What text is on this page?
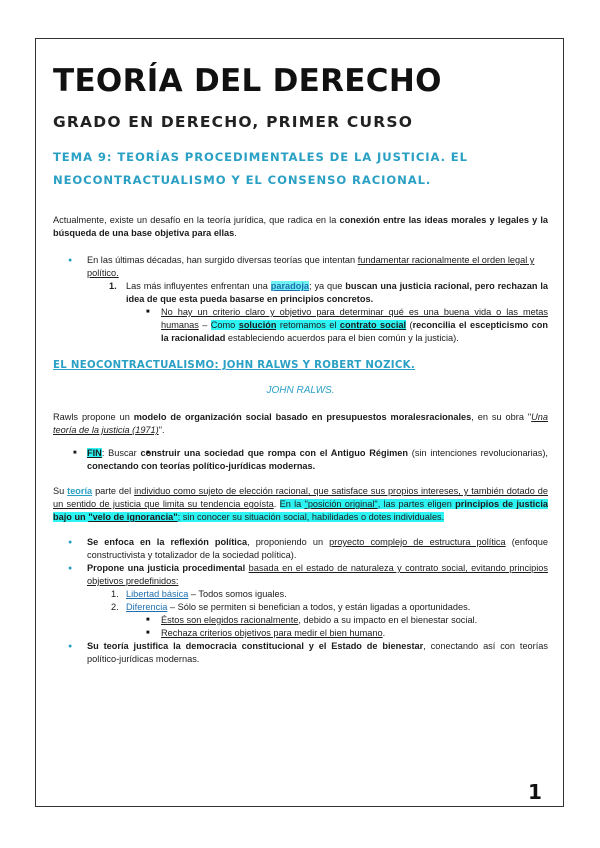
TEORÍA DEL DERECHO
GRADO EN DERECHO, PRIMER CURSO
TEMA 9: TEORÍAS PROCEDIMENTALES DE LA JUSTICIA. EL NEOCONTRACTUALISMO Y EL CONSENSO RACIONAL.

Actualmente, existe un desafío en la teoría jurídica, que radica en la conexión entre las ideas morales y legales y la búsqueda de una base objetiva para ellas.

● En las últimas décadas, han surgido diversas teorías que intentan fundamentar racionalmente el orden legal y político.
1. Las más influyentes enfrentan una paradoja; ya que buscan una justicia racional, pero rechazan la idea de que esta pueda basarse en principios concretos.
■ No hay un criterio claro y objetivo para determinar qué es una buena vida o las metas humanas – Como solución retomamos el contrato social (reconcilia el escepticismo con la racionalidad estableciendo acuerdos para el bien común y la justicia).

EL NEOCONTRACTUALISMO: JOHN RALWS Y ROBERT NOZICK.

JOHN RALWS.

Rawls propone un modelo de organización social basado en presupuestos moralesracionales, en su obra "Una teoría de la justicia (1971)".

■ ■ FIN: Buscar construir una sociedad que rompa con el Antiguo Régimen (sin intenciones revolucionarias), conectando con teorías político-jurídicas modernas.

Su teoría parte del individuo como sujeto de elección racional, que satisface sus propios intereses, y también dotado de un sentido de justicia que limita su tendencia egoísta. En la "posición original", las partes eligen principios de justicia bajo un "velo de ignorancia"; sin conocer su situación social, habilidades o dotes individuales.

● Se enfoca en la reflexión política, proponiendo un proyecto complejo de estructura política (enfoque constructivista y totalizador de la sociedad política).
● Propone una justicia procedimental basada en el estado de naturaleza y contrato social, evitando principios objetivos predefinidos:
1. Libertad básica – Todos somos iguales.
2. Diferencia – Sólo se permiten si benefician a todos, y están ligadas a oportunidades.
■ Éstos son elegidos racionalmente, debido a su impacto en el bienestar social.
■ Rechaza criterios objetivos para medir el bien humano.
● Su teoría justifica la democracia constitucional y el Estado de bienestar, conectando así con teorías político-jurídicas modernas.
1
